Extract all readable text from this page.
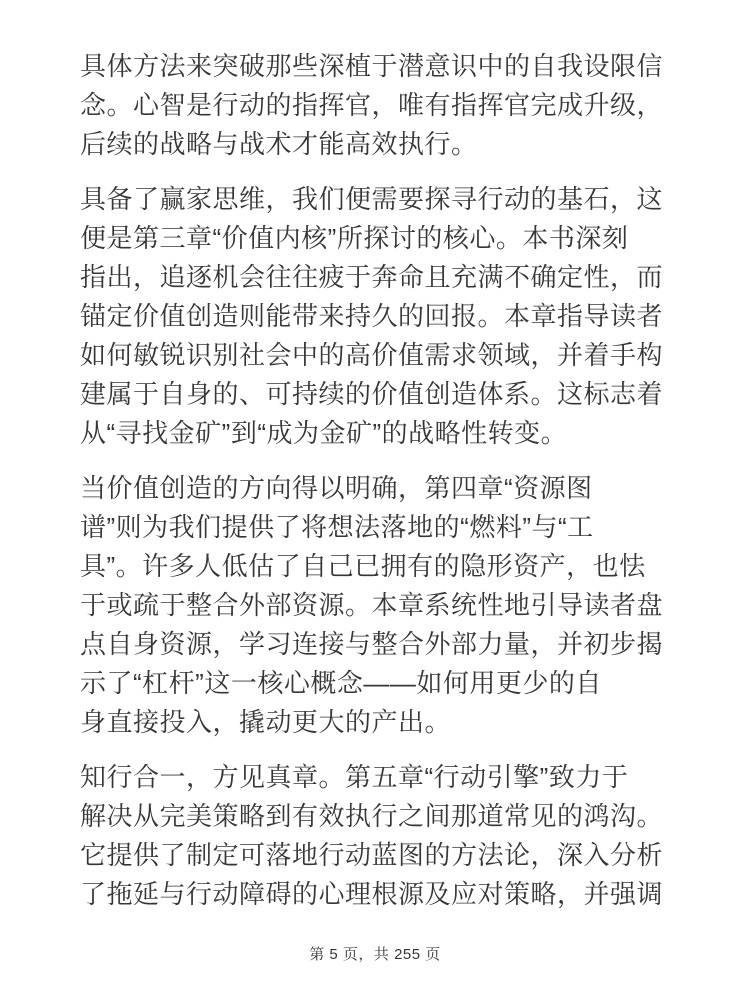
具体方法来突破那些深植于潜意识中的自我设限信
念。心智是行动的指挥官，唯有指挥官完成升级，
后续的战略与战术才能高效执行。

具备了赢家思维，我们便需要探寻行动的基石，这
便是第三章“价值内核”所探讨的核心。本书深刻
指出，追逐机会往往疲于奔命且充满不确定性，而
锚定价值创造则能带来持久的回报。本章指导读者
如何敏锐识别社会中的高价值需求领域，并着手构
建属于自身的、可持续的价值创造体系。这标志着
从“寻找金矿”到“成为金矿”的战略性转变。

当价值创造的方向得以明确，第四章“资源图
谱”则为我们提供了将想法落地的“燃料”与“工
具”。许多人低估了自己已拥有的隐形资产，也怯
于或疏于整合外部资源。本章系统性地引导读者盘
点自身资源，学习连接与整合外部力量，并初步揭
示了“杠杆”这一核心概念——如何用更少的自
身直接投入，撬动更大的产出。

知行合一，方见真章。第五章“行动引擎”致力于
解决从完美策略到有效执行之间那道常见的鸿沟。
它提供了制定可落地行动蓝图的方法论，深入分析
了拖延与行动障碍的心理根源及应对策略，并强调

第 5 页，共 255 页
